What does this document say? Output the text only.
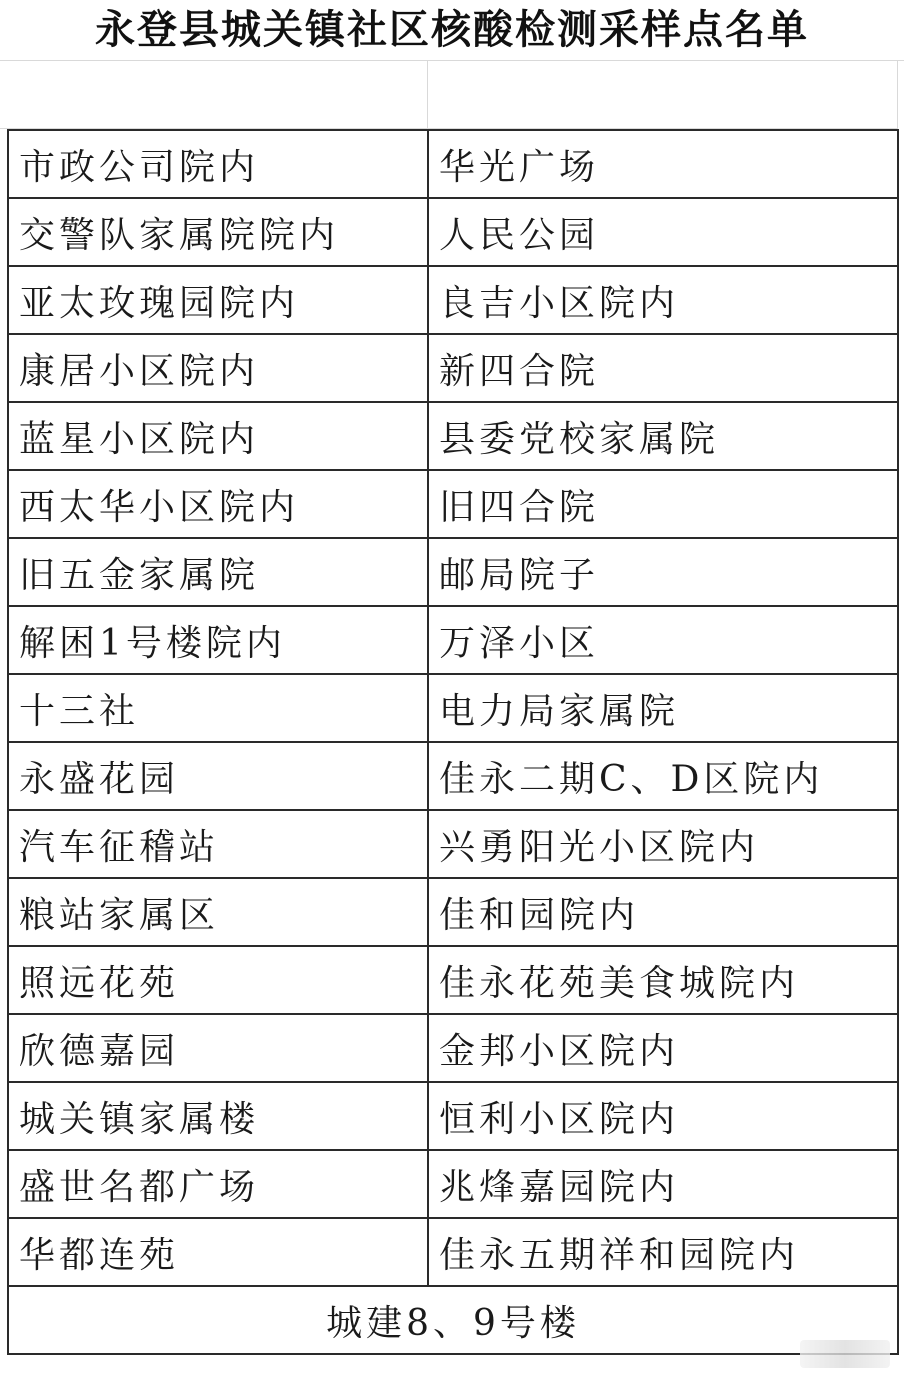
永登县城关镇社区核酸检测采样点名单
市政公司院内	华光广场
交警队家属院院内	人民公园
亚太玫瑰园院内	良吉小区院内
康居小区院内	新四合院
蓝星小区院内	县委党校家属院
西太华小区院内	旧四合院
旧五金家属院	邮局院子
解困1号楼院内	万泽小区
十三社	电力局家属院
永盛花园	佳永二期C、D区院内
汽车征稽站	兴勇阳光小区院内
粮站家属区	佳和园院内
照远花苑	佳永花苑美食城院内
欣德嘉园	金邦小区院内
城关镇家属楼	恒利小区院内
盛世名都广场	兆烽嘉园院内
华都连苑	佳永五期祥和园院内
城建8、9号楼	
